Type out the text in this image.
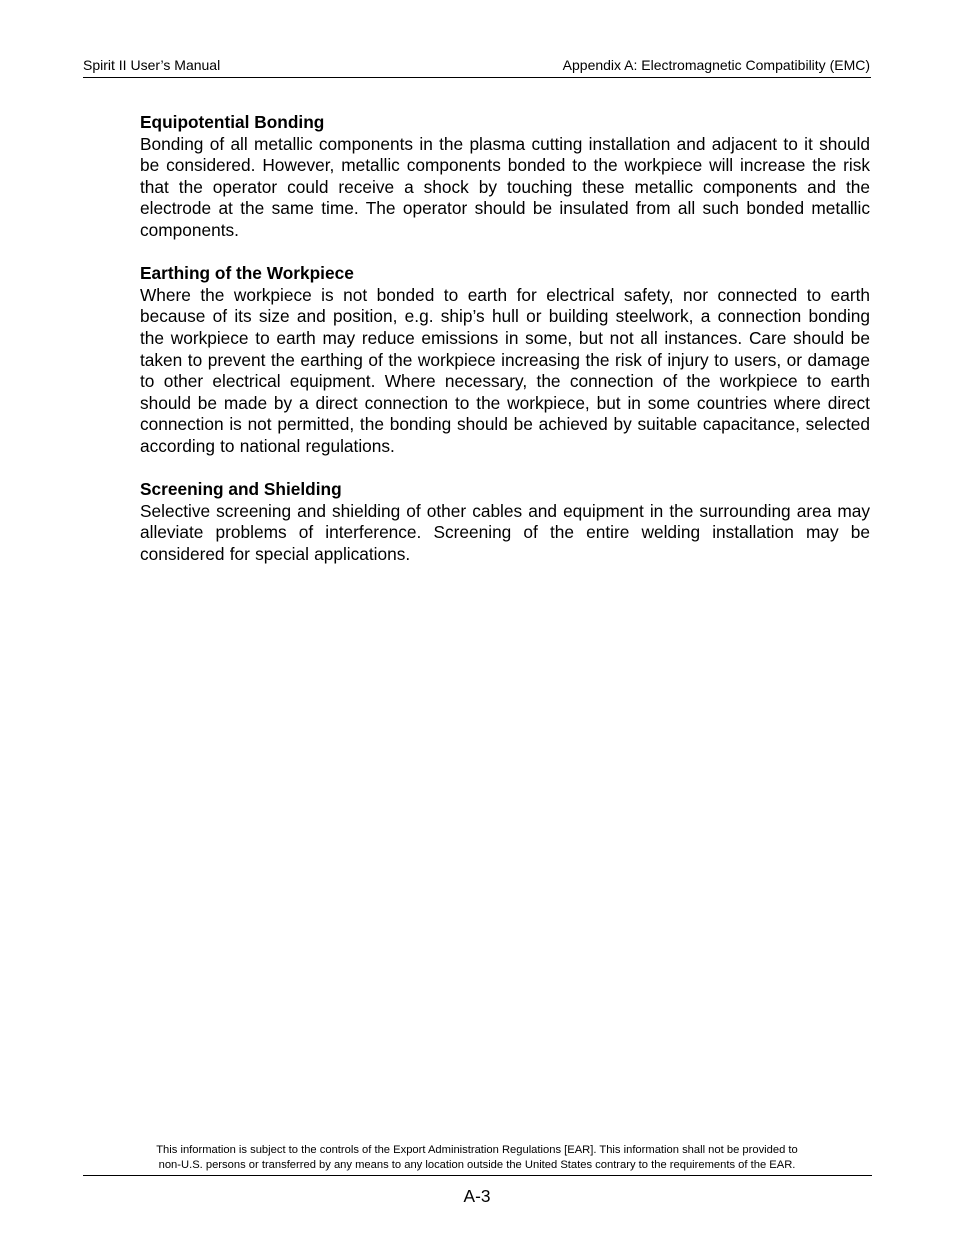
Spirit II User’s Manual	Appendix A: Electromagnetic Compatibility (EMC)

Equipotential Bonding

Bonding of all metallic components in the plasma cutting installation and adjacent to it should be considered. However, metallic components bonded to the workpiece will increase the risk that the operator could receive a shock by touching these metallic components and the electrode at the same time. The operator should be insulated from all such bonded metallic components.

Earthing of the Workpiece

Where the workpiece is not bonded to earth for electrical safety, nor connected to earth because of its size and position, e.g. ship’s hull or building steelwork, a connection bonding the workpiece to earth may reduce emissions in some, but not all instances. Care should be taken to prevent the earthing of the workpiece increasing the risk of injury to users, or damage to other electrical equipment. Where necessary, the connection of the workpiece to earth should be made by a direct connection to the workpiece, but in some countries where direct connection is not permitted, the bonding should be achieved by suitable capacitance, selected according to national regulations.

Screening and Shielding

Selective screening and shielding of other cables and equipment in the surrounding area may alleviate problems of interference. Screening of the entire welding installation may be considered for special applications.

This information is subject to the controls of the Export Administration Regulations [EAR]. This information shall not be provided to
non-U.S. persons or transferred by any means to any location outside the United States contrary to the requirements of the EAR.
A-3
